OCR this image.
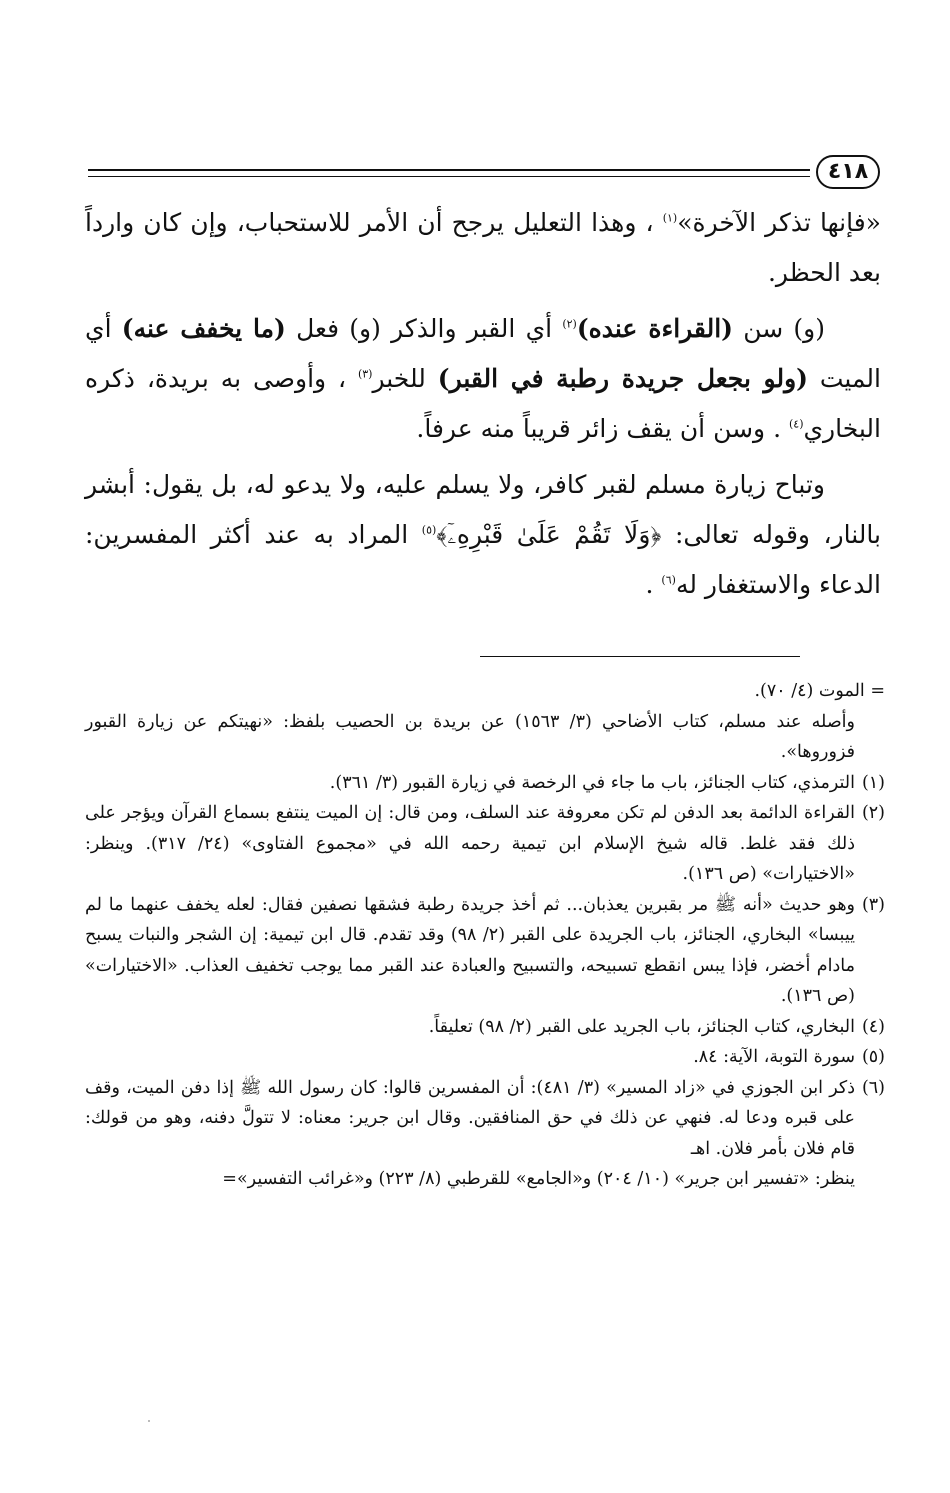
٤١٨

«فإنها تذكر الآخرة»$^{(١)}$ ، وهذا التعليل يرجح أن الأمر للاستحباب، وإن كان وارداً بعد الحظر.

(و) سن (القراءة عنده)$^{(٢)}$ أي القبر والذكر (و) فعل (ما يخفف عنه) أي الميت (ولو بجعل جريدة رطبة في القبر) للخبر$^{(٣)}$ ، وأوصى به بريدة، ذكره البخاري$^{(٤)}$ . وسن أن يقف زائر قريباً منه عرفاً.

وتباح زيارة مسلم لقبر كافر، ولا يسلم عليه، ولا يدعو له، بل يقول: أبشر بالنار، وقوله تعالى: ﴿وَلَا تَقُمْ عَلَىٰ قَبْرِهِۦٓ﴾$^{(٥)}$ المراد به عند أكثر المفسرين: الدعاء والاستغفار له$^{(٦)}$ .

= الموت (٤/ ٧٠).

وأصله عند مسلم، كتاب الأضاحي (٣/ ١٥٦٣) عن بريدة بن الحصيب بلفظ: «نهيتكم عن زيارة القبور فزوروها».

(١)الترمذي، كتاب الجنائز، باب ما جاء في الرخصة في زيارة القبور (٣/ ٣٦١).

(٢)القراءة الدائمة بعد الدفن لم تكن معروفة عند السلف، ومن قال: إن الميت ينتفع بسماع القرآن ويؤجر على ذلك فقد غلط. قاله شيخ الإسلام ابن تيمية رحمه الله في «مجموع الفتاوى» (٢٤/ ٣١٧). وينظر: «الاختيارات» (ص ١٣٦).

(٣)وهو حديث «أنه ﷺ مر بقبرين يعذبان... ثم أخذ جريدة رطبة فشقها نصفين فقال: لعله يخفف عنهما ما لم ييبسا» البخاري، الجنائز، باب الجريدة على القبر (٢/ ٩٨) وقد تقدم. قال ابن تيمية: إن الشجر والنبات يسبح مادام أخضر، فإذا يبس انقطع تسبيحه، والتسبيح والعبادة عند القبر مما يوجب تخفيف العذاب. «الاختيارات» (ص ١٣٦).

(٤)البخاري، كتاب الجنائز، باب الجريد على القبر (٢/ ٩٨) تعليقاً.

(٥)سورة التوبة، الآية: ٨٤.

(٦)ذكر ابن الجوزي في «زاد المسير» (٣/ ٤٨١): أن المفسرين قالوا: كان رسول الله ﷺ إذا دفن الميت، وقف على قبره ودعا له. فنهي عن ذلك في حق المنافقين. وقال ابن جرير: معناه: لا تتولَّ دفنه، وهو من قولك: قام فلان بأمر فلان. اهـ

ينظر: «تفسير ابن جرير» (١٠/ ٢٠٤) و«الجامع» للقرطبي (٨/ ٢٢٣) و«غرائب التفسير»=
